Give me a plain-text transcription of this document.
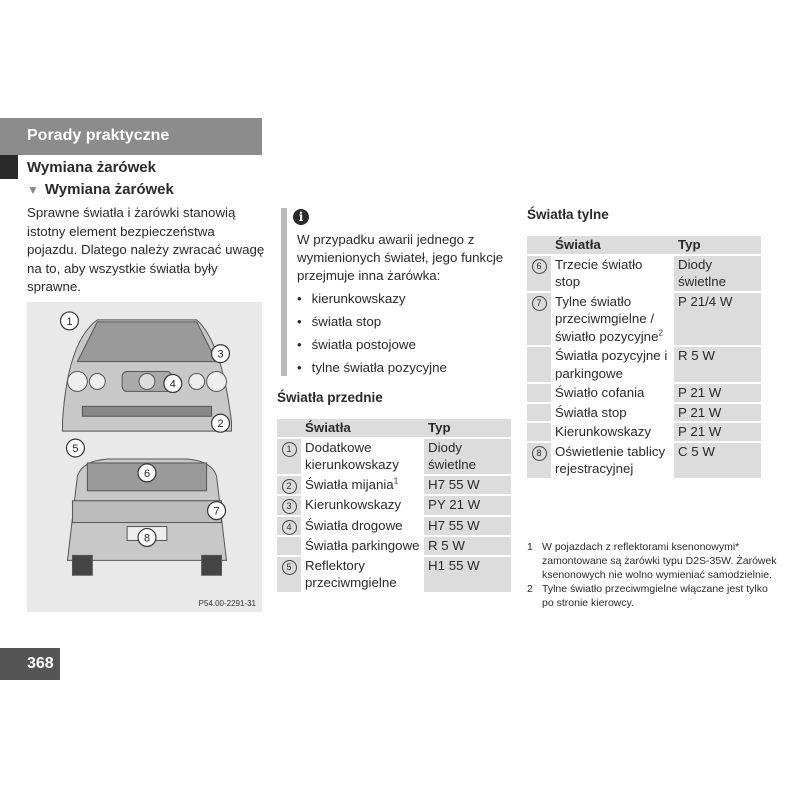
Porady praktyczne
Wymiana żarówek
▼ Wymiana żarówek
Sprawne światła i żarówki stanowią istotny element bezpieczeństwa pojazdu. Dlatego należy zwracać uwagę na to, aby wszystkie światła były sprawne.
1
2
3
4
5
6
7
8
P54.00-2291-31
368
i
W przypadku awarii jednego z wymienionych świateł, jego funkcje przejmuje inna żarówka:
• kierunkowskazy
• światła stop
• światła postojowe
• tylne światła pozycyjne
Światła przednie
	Światła	Typ
1	Dodatkowe kierunkowskazy	Diody świetlne
2	Światła mijania$^1$	H7 55 W
3	Kierunkowskazy	PY 21 W
4	Światła drogowe	H7 55 W
	Światła parkingowe	R 5 W
5	Reflektory przeciwmgielne	H1 55 W
Światła tylne
	Światła	Typ
6	Trzecie światło stop	Diody świetlne
7	Tylne światło przeciwmgielne / światło pozycyjne$^2$	P 21/4 W
	Światła pozycyjne i parkingowe	R 5 W
	Światło cofania	P 21 W
	Światła stop	P 21 W
	Kierunkowskazy	P 21 W
8	Oświetlenie tablicy rejestracyjnej	C 5 W
1 W pojazdach z reflektorami ksenonowymi* zamontowane są żarówki typu D2S-35W. Żarówek ksenonowych nie wolno wymieniać samodzielnie.
2 Tylne światło przeciwmgielne włączane jest tylko po stronie kierowcy.
